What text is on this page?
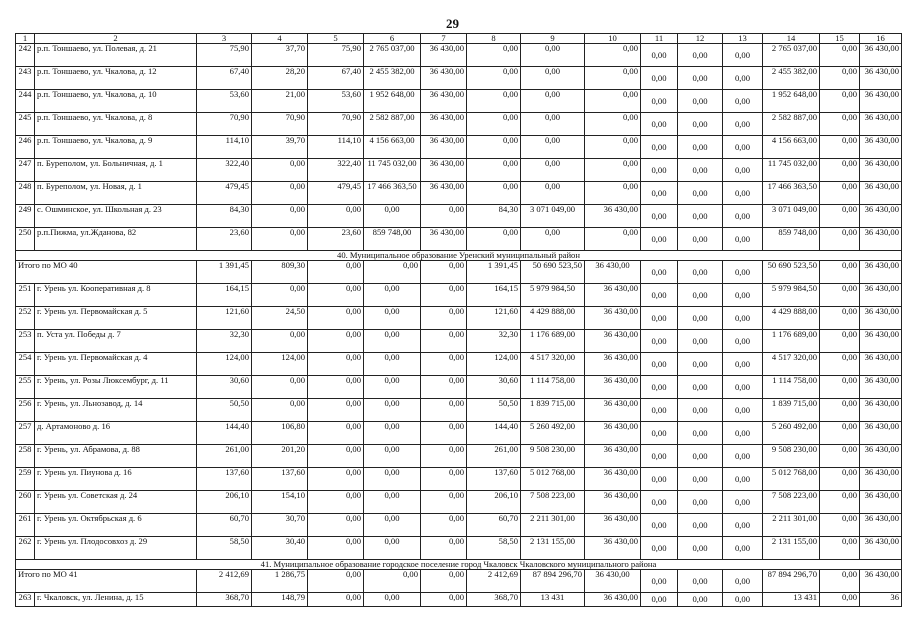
29
1	2	3	4	5	6	7	8	9	10	11	12	13	14	15	16
242	р.п. Тоншаево, ул. Полевая, д. 21	75,90	37,70	75,90	2 765 037,00	36 430,00	0,00	0,00	0,00	0,00	0,00	0,00	2 765 037,00	0,00	36 430,00
243	р.п. Тоншаево, ул. Чкалова, д. 12	67,40	28,20	67,40	2 455 382,00	36 430,00	0,00	0,00	0,00	0,00	0,00	0,00	2 455 382,00	0,00	36 430,00
244	р.п. Тоншаево, ул. Чкалова, д. 10	53,60	21,00	53,60	1 952 648,00	36 430,00	0,00	0,00	0,00	0,00	0,00	0,00	1 952 648,00	0,00	36 430,00
245	р.п. Тоншаево, ул. Чкалова, д. 8	70,90	70,90	70,90	2 582 887,00	36 430,00	0,00	0,00	0,00	0,00	0,00	0,00	2 582 887,00	0,00	36 430,00
246	р.п. Тоншаево, ул. Чкалова, д. 9	114,10	39,70	114,10	4 156 663,00	36 430,00	0,00	0,00	0,00	0,00	0,00	0,00	4 156 663,00	0,00	36 430,00
247	п. Буреполом, ул. Больничная, д. 1	322,40	0,00	322,40	11 745 032,00	36 430,00	0,00	0,00	0,00	0,00	0,00	0,00	11 745 032,00	0,00	36 430,00
248	п. Буреполом, ул. Новая, д. 1	479,45	0,00	479,45	17 466 363,50	36 430,00	0,00	0,00	0,00	0,00	0,00	0,00	17 466 363,50	0,00	36 430,00
249	с. Ошминское, ул. Школьная д. 23	84,30	0,00	0,00	0,00	0,00	84,30	3 071 049,00	36 430,00	0,00	0,00	0,00	3 071 049,00	0,00	36 430,00
250	р.п.Пижма, ул.Жданова, 82	23,60	0,00	23,60	859 748,00	36 430,00	0,00	0,00	0,00	0,00	0,00	0,00	859 748,00	0,00	36 430,00
40. Муниципальное образование Уренский муниципальный район															
Итого по МО 40		1 391,45	809,30	0,00	0,00	0,00	1 391,45	50 690 523,50	36 430,00	0,00	0,00	0,00	50 690 523,50	0,00	36 430,00
251	г. Урень ул. Кооперативная д. 8	164,15	0,00	0,00	0,00	0,00	164,15	5 979 984,50	36 430,00	0,00	0,00	0,00	5 979 984,50	0,00	36 430,00
252	г. Урень ул. Первомайская д. 5	121,60	24,50	0,00	0,00	0,00	121,60	4 429 888,00	36 430,00	0,00	0,00	0,00	4 429 888,00	0,00	36 430,00
253	п. Уста ул. Победы д. 7	32,30	0,00	0,00	0,00	0,00	32,30	1 176 689,00	36 430,00	0,00	0,00	0,00	1 176 689,00	0,00	36 430,00
254	г. Урень ул. Первомайская д. 4	124,00	124,00	0,00	0,00	0,00	124,00	4 517 320,00	36 430,00	0,00	0,00	0,00	4 517 320,00	0,00	36 430,00
255	г. Урень, ул. Розы Люксембург, д. 11	30,60	0,00	0,00	0,00	0,00	30,60	1 114 758,00	36 430,00	0,00	0,00	0,00	1 114 758,00	0,00	36 430,00
256	г. Урень, ул. Льнозавод, д. 14	50,50	0,00	0,00	0,00	0,00	50,50	1 839 715,00	36 430,00	0,00	0,00	0,00	1 839 715,00	0,00	36 430,00
257	д. Артамоново д. 16	144,40	106,80	0,00	0,00	0,00	144,40	5 260 492,00	36 430,00	0,00	0,00	0,00	5 260 492,00	0,00	36 430,00
258	г. Урень, ул. Абрамова, д. 88	261,00	201,20	0,00	0,00	0,00	261,00	9 508 230,00	36 430,00	0,00	0,00	0,00	9 508 230,00	0,00	36 430,00
259	г. Урень ул. Пиунова д. 16	137,60	137,60	0,00	0,00	0,00	137,60	5 012 768,00	36 430,00	0,00	0,00	0,00	5 012 768,00	0,00	36 430,00
260	г. Урень ул. Советская д. 24	206,10	154,10	0,00	0,00	0,00	206,10	7 508 223,00	36 430,00	0,00	0,00	0,00	7 508 223,00	0,00	36 430,00
261	г. Урень ул. Октябрьская д. 6	60,70	30,70	0,00	0,00	0,00	60,70	2 211 301,00	36 430,00	0,00	0,00	0,00	2 211 301,00	0,00	36 430,00
262	г. Урень ул. Плодосовхоз д. 29	58,50	30,40	0,00	0,00	0,00	58,50	2 131 155,00	36 430,00	0,00	0,00	0,00	2 131 155,00	0,00	36 430,00
41. Муниципальное образование городское поселение город Чкаловск Чкаловского муниципального района															
Итого по МО 41		2 412,69	1 286,75	0,00	0,00	0,00	2 412,69	87 894 296,70	36 430,00	0,00	0,00	0,00	87 894 296,70	0,00	36 430,00
263	г. Чкаловск, ул. Ленина, д. 15	368,70	148,79	0,00	0,00	0,00	368,70	13 431	36 430,00	0,00	0,00	0,00	13 431	0,00	36
